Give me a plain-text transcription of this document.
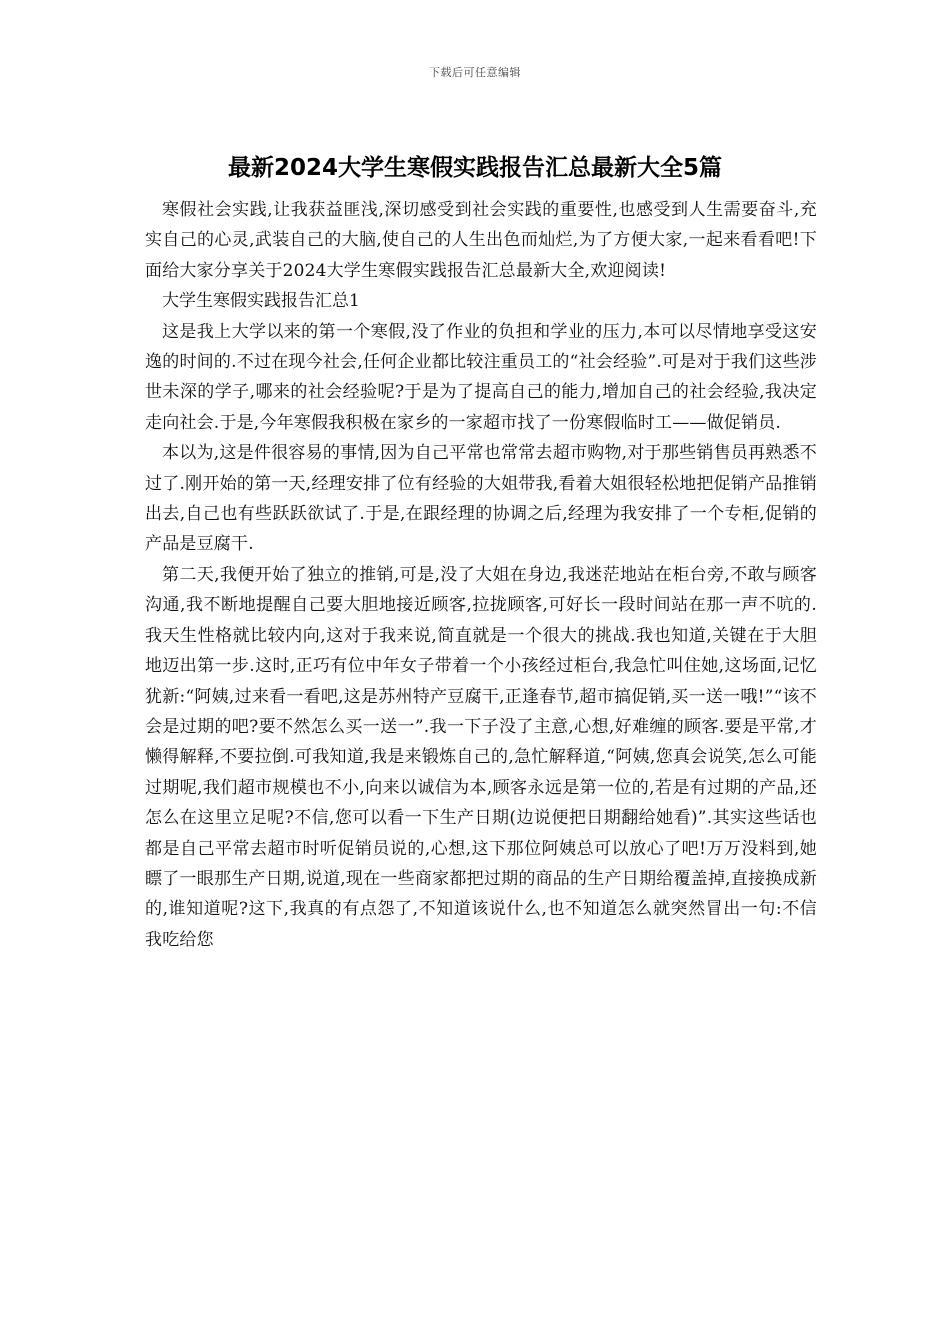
下载后可任意编辑
最新2024大学生寒假实践报告汇总最新大全5篇

寒假社会实践,让我获益匪浅,深切感受到社会实践的重要性,也感受到人生需要奋斗,充实自己的心灵,武装自己的大脑,使自己的人生出色而灿烂,为了方便大家,一起来看看吧!下面给大家分享关于2024大学生寒假实践报告汇总最新大全,欢迎阅读!

大学生寒假实践报告汇总1

这是我上大学以来的第一个寒假,没了作业的负担和学业的压力,本可以尽情地享受这安逸的时间的.不过在现今社会,任何企业都比较注重员工的“社会经验”.可是对于我们这些涉世未深的学子,哪来的社会经验呢?于是为了提高自己的能力,增加自己的社会经验,我决定走向社会.于是,今年寒假我积极在家乡的一家超市找了一份寒假临时工——做促销员.

本以为,这是件很容易的事情,因为自己平常也常常去超市购物,对于那些销售员再熟悉不过了.刚开始的第一天,经理安排了位有经验的大姐带我,看着大姐很轻松地把促销产品推销出去,自己也有些跃跃欲试了.于是,在跟经理的协调之后,经理为我安排了一个专柜,促销的产品是豆腐干.

第二天,我便开始了独立的推销,可是,没了大姐在身边,我迷茫地站在柜台旁,不敢与顾客沟通,我不断地提醒自己要大胆地接近顾客,拉拢顾客,可好长一段时间站在那一声不吭的.我天生性格就比较内向,这对于我来说,简直就是一个很大的挑战.我也知道,关键在于大胆地迈出第一步.这时,正巧有位中年女子带着一个小孩经过柜台,我急忙叫住她,这场面,记忆犹新:“阿姨,过来看一看吧,这是苏州特产豆腐干,正逢春节,超市搞促销,买一送一哦!”“该不会是过期的吧?要不然怎么买一送一”.我一下子没了主意,心想,好难缠的顾客.要是平常,才懒得解释,不要拉倒.可我知道,我是来锻炼自己的,急忙解释道,“阿姨,您真会说笑,怎么可能过期呢,我们超市规模也不小,向来以诚信为本,顾客永远是第一位的,若是有过期的产品,还怎么在这里立足呢?不信,您可以看一下生产日期(边说便把日期翻给她看)”.其实这些话也都是自己平常去超市时听促销员说的,心想,这下那位阿姨总可以放心了吧!万万没料到,她瞟了一眼那生产日期,说道,现在一些商家都把过期的商品的生产日期给覆盖掉,直接换成新的,谁知道呢?这下,我真的有点怨了,不知道该说什么,也不知道怎么就突然冒出一句:不信我吃给您
